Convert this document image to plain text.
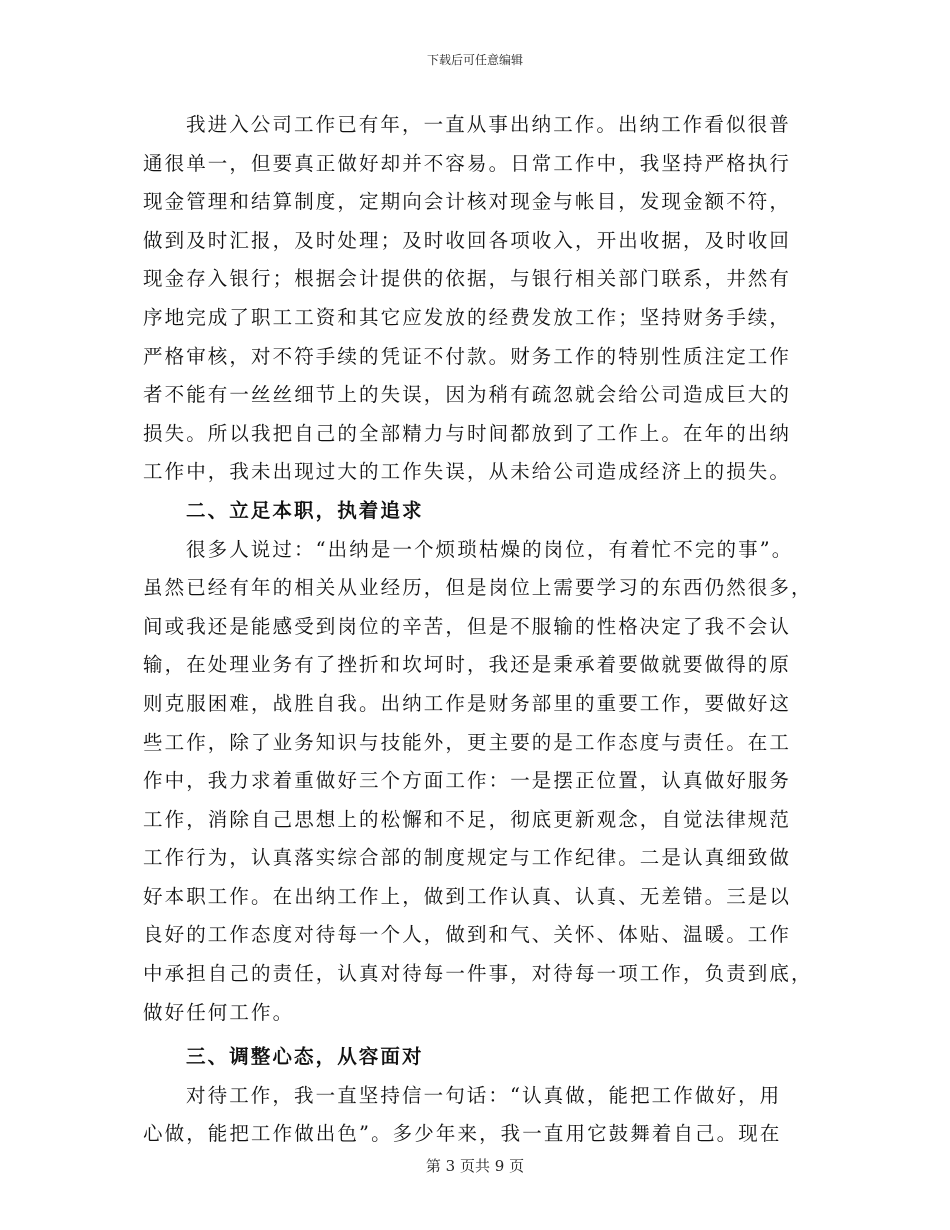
下载后可任意编辑
我进入公司工作已有年，一直从事出纳工作。出纳工作看似很普
通很单一，但要真正做好却并不容易。日常工作中，我坚持严格执行
现金管理和结算制度，定期向会计核对现金与帐目，发现金额不符，
做到及时汇报，及时处理；及时收回各项收入，开出收据，及时收回
现金存入银行；根据会计提供的依据，与银行相关部门联系，井然有
序地完成了职工工资和其它应发放的经费发放工作；坚持财务手续，
严格审核，对不符手续的凭证不付款。财务工作的特别性质注定工作
者不能有一丝丝细节上的失误，因为稍有疏忽就会给公司造成巨大的
损失。所以我把自己的全部精力与时间都放到了工作上。在年的出纳
工作中，我未出现过大的工作失误，从未给公司造成经济上的损失。
二、立足本职，执着追求
很多人说过：“出纳是一个烦琐枯燥的岗位，有着忙不完的事”。
虽然已经有年的相关从业经历，但是岗位上需要学习的东西仍然很多，
间或我还是能感受到岗位的辛苦，但是不服输的性格决定了我不会认
输，在处理业务有了挫折和坎坷时，我还是秉承着要做就要做得的原
则克服困难，战胜自我。出纳工作是财务部里的重要工作，要做好这
些工作，除了业务知识与技能外，更主要的是工作态度与责任。在工
作中，我力求着重做好三个方面工作：一是摆正位置，认真做好服务
工作，消除自己思想上的松懈和不足，彻底更新观念，自觉法律规范
工作行为，认真落实综合部的制度规定与工作纪律。二是认真细致做
好本职工作。在出纳工作上，做到工作认真、认真、无差错。三是以
良好的工作态度对待每一个人，做到和气、关怀、体贴、温暖。工作
中承担自己的责任，认真对待每一件事，对待每一项工作，负责到底，
做好任何工作。
三、调整心态，从容面对
对待工作，我一直坚持信一句话：“认真做，能把工作做好，用
心做，能把工作做出色”。多少年来，我一直用它鼓舞着自己。现在
第 3 页共 9 页
